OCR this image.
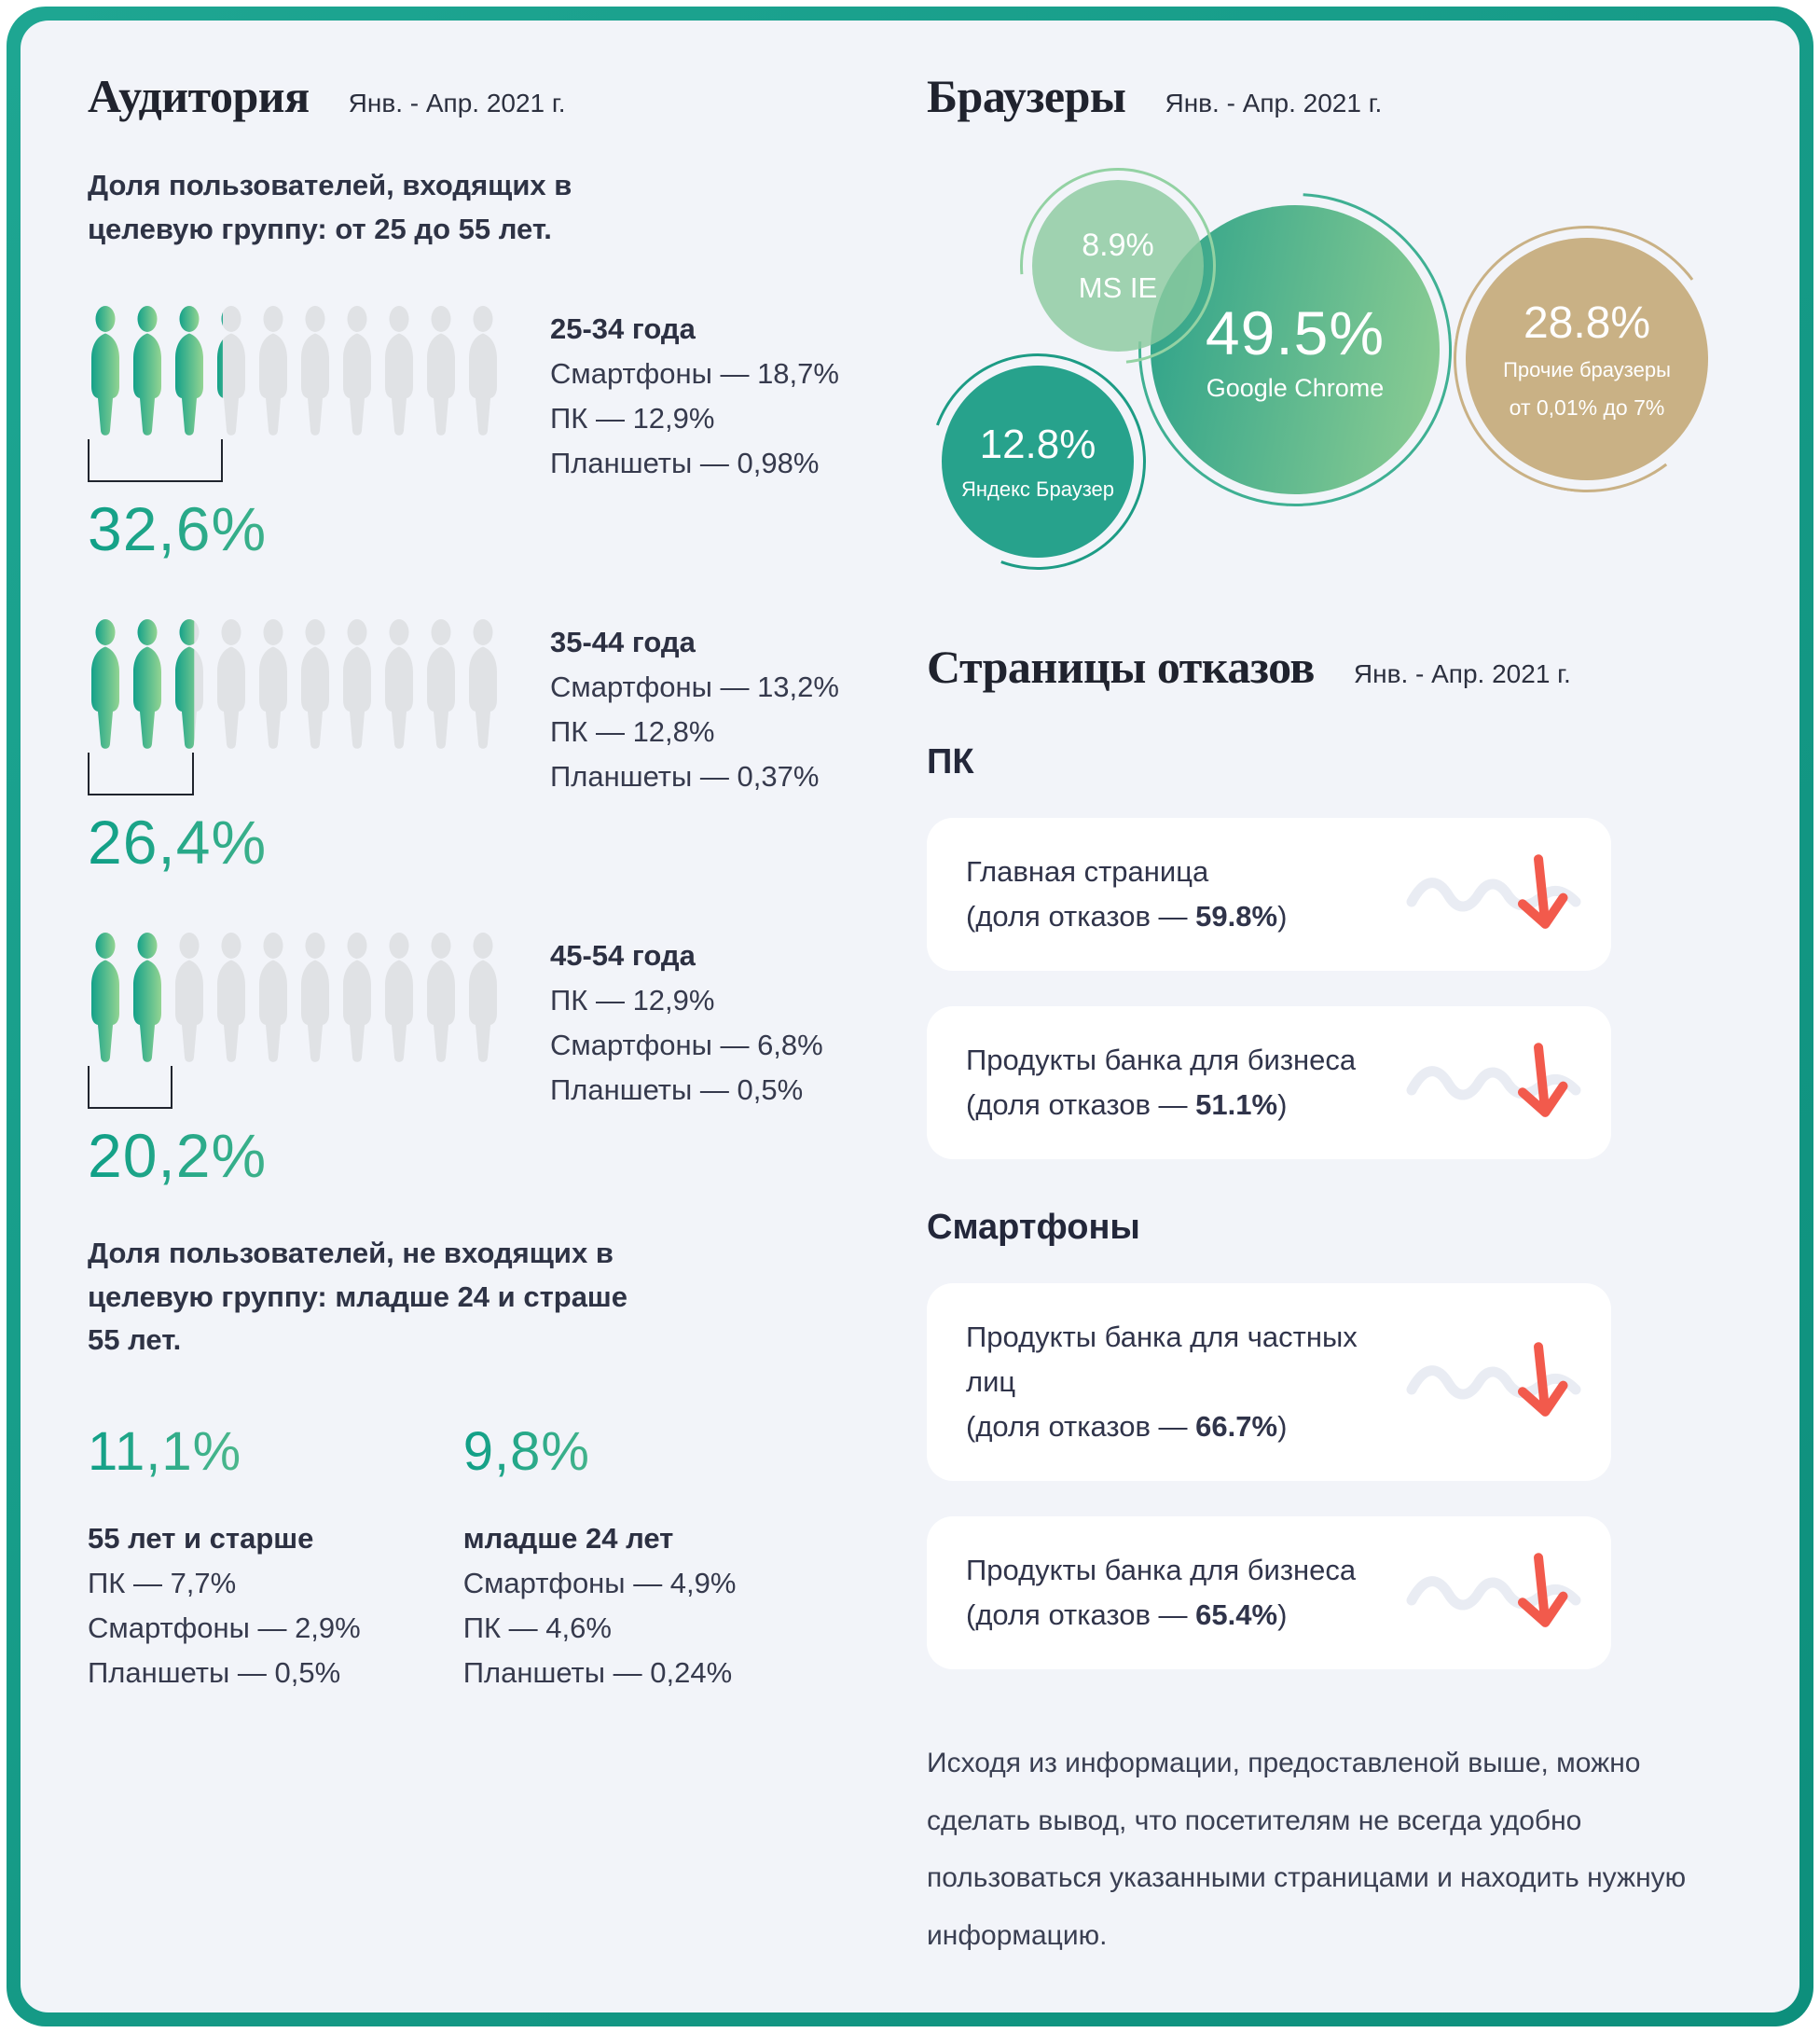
Аудитория Янв. - Апр. 2021 г.
Доля пользователей, входящих в целевую группу: от 25 до 55 лет.
32,6%
25-34 года
Смартфоны — 18,7%
ПК — 12,9%
Планшеты — 0,98%
26,4%
35-44 года
Смартфоны — 13,2%
ПК — 12,8%
Планшеты — 0,37%
20,2%
45-54 года
ПК — 12,9%
Смартфоны — 6,8%
Планшеты — 0,5%
Доля пользователей, не входящих в целевую группу: младше 24 и страше 55 лет.
11,1%
55 лет и старше
ПК — 7,7%
Смартфоны — 2,9%
Планшеты — 0,5%
9,8%
младше 24 лет
Смартфоны — 4,9%
ПК — 4,6%
Планшеты — 0,24%
Браузеры Янв. - Апр. 2021 г.
8.9%
MS IE
49.5%
Google Chrome
28.8%
Прочие браузеры
от 0,01% до 7%
12.8%
Яндекс Браузер
Страницы отказов Янв. - Апр. 2021 г.
ПК
Главная страница
(доля отказов — 59.8%)
Продукты банка для бизнеса
(доля отказов — 51.1%)
Смартфоны
Продукты банка для частных лиц
(доля отказов — 66.7%)
Продукты банка для бизнеса
(доля отказов — 65.4%)
Исходя из информации, предоставленой выше, можно сделать вывод, что посетителям не всегда удобно пользоваться указанными страницами и находить нужную информацию.
